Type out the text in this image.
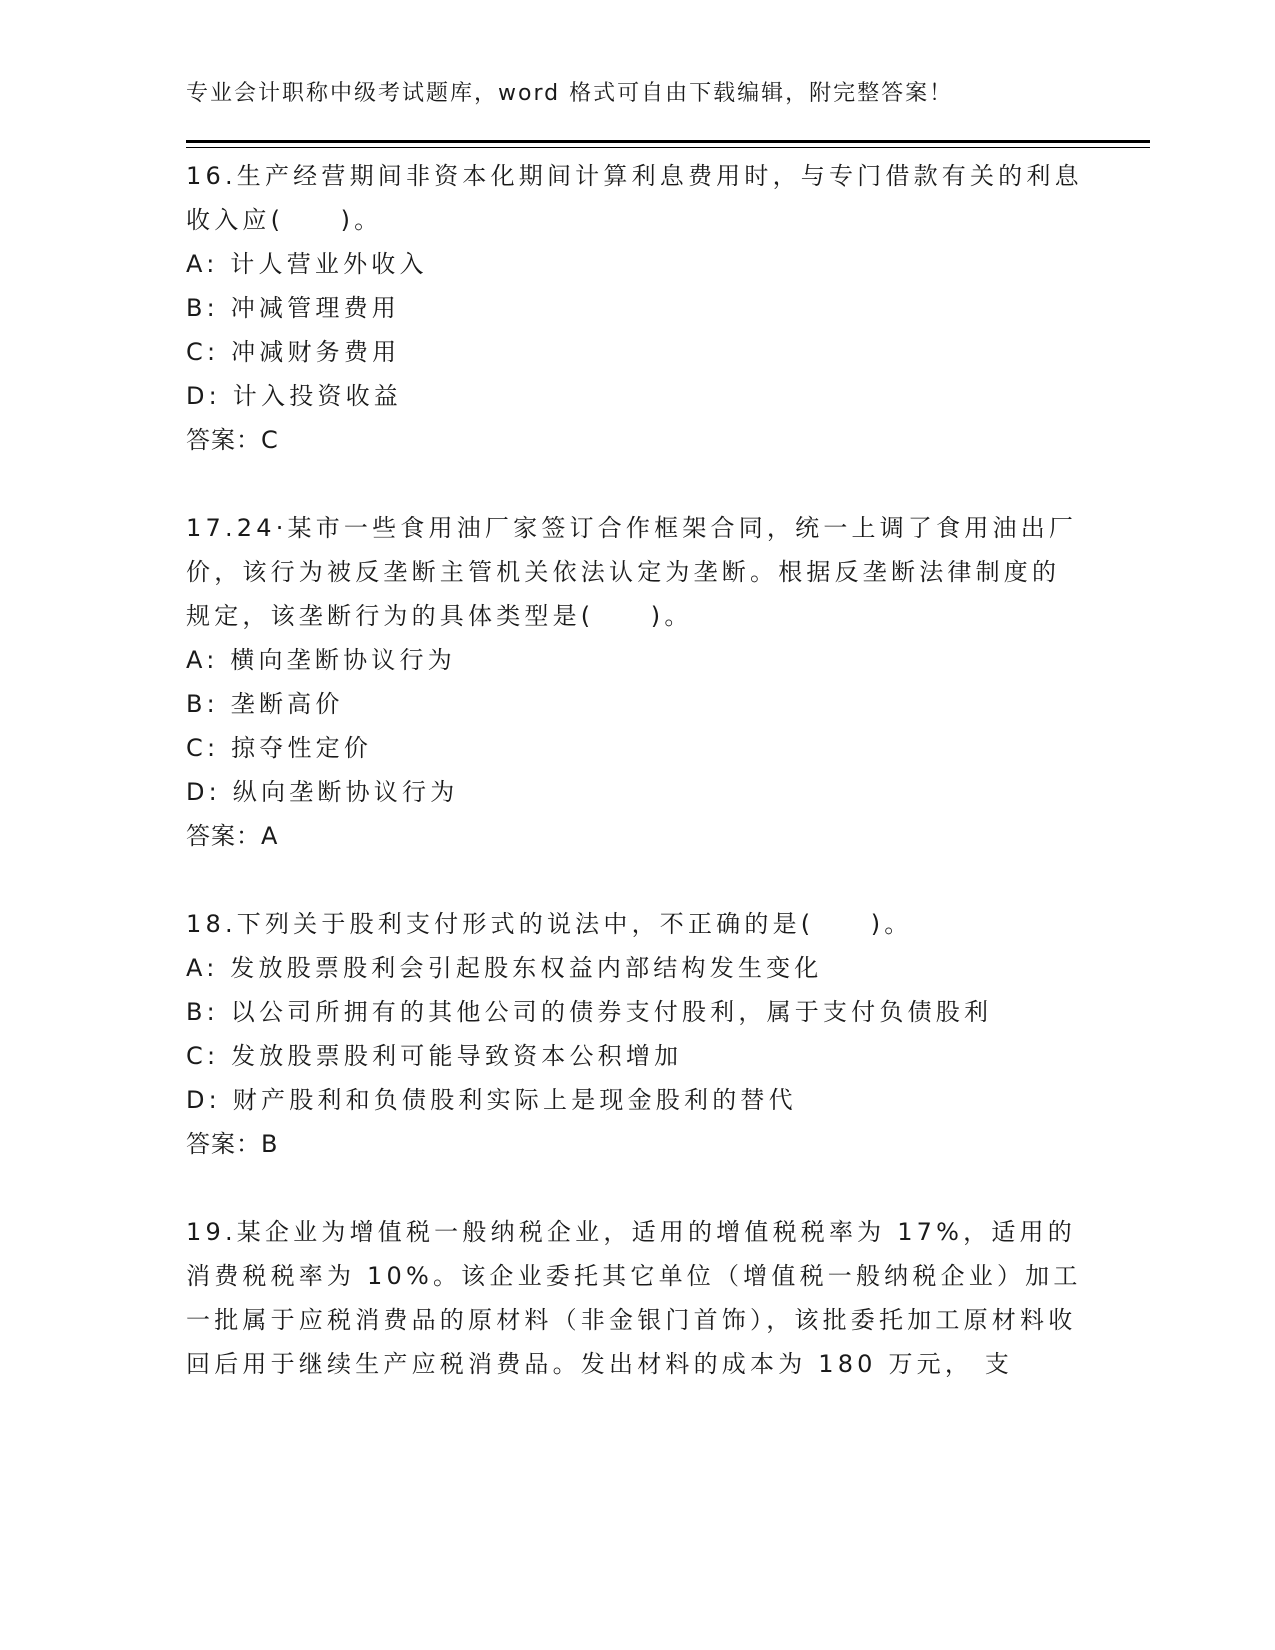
专业会计职称中级考试题库，word 格式可自由下载编辑，附完整答案！

16.生产经营期间非资本化期间计算利息费用时，与专门借款有关的利息收入应(　　)。

A: 计人营业外收入

B: 冲减管理费用

C: 冲减财务费用

D: 计入投资收益

答案：C

17.24·某市一些食用油厂家签订合作框架合同，统一上调了食用油出厂价，该行为被反垄断主管机关依法认定为垄断。根据反垄断法律制度的规定，该垄断行为的具体类型是(　　)。

A: 横向垄断协议行为

B: 垄断高价

C: 掠夺性定价

D: 纵向垄断协议行为

答案：A

18.下列关于股利支付形式的说法中，不正确的是(　　)。

A: 发放股票股利会引起股东权益内部结构发生变化

B: 以公司所拥有的其他公司的债券支付股利，属于支付负债股利

C: 发放股票股利可能导致资本公积增加

D: 财产股利和负债股利实际上是现金股利的替代

答案：B

19.某企业为增值税一般纳税企业，适用的增值税税率为 17%，适用的消费税税率为 10%。该企业委托其它单位（增值税一般纳税企业）加工一批属于应税消费品的原材料（非金银门首饰），该批委托加工原材料收回后用于继续生产应税消费品。发出材料的成本为 180 万元， 支
